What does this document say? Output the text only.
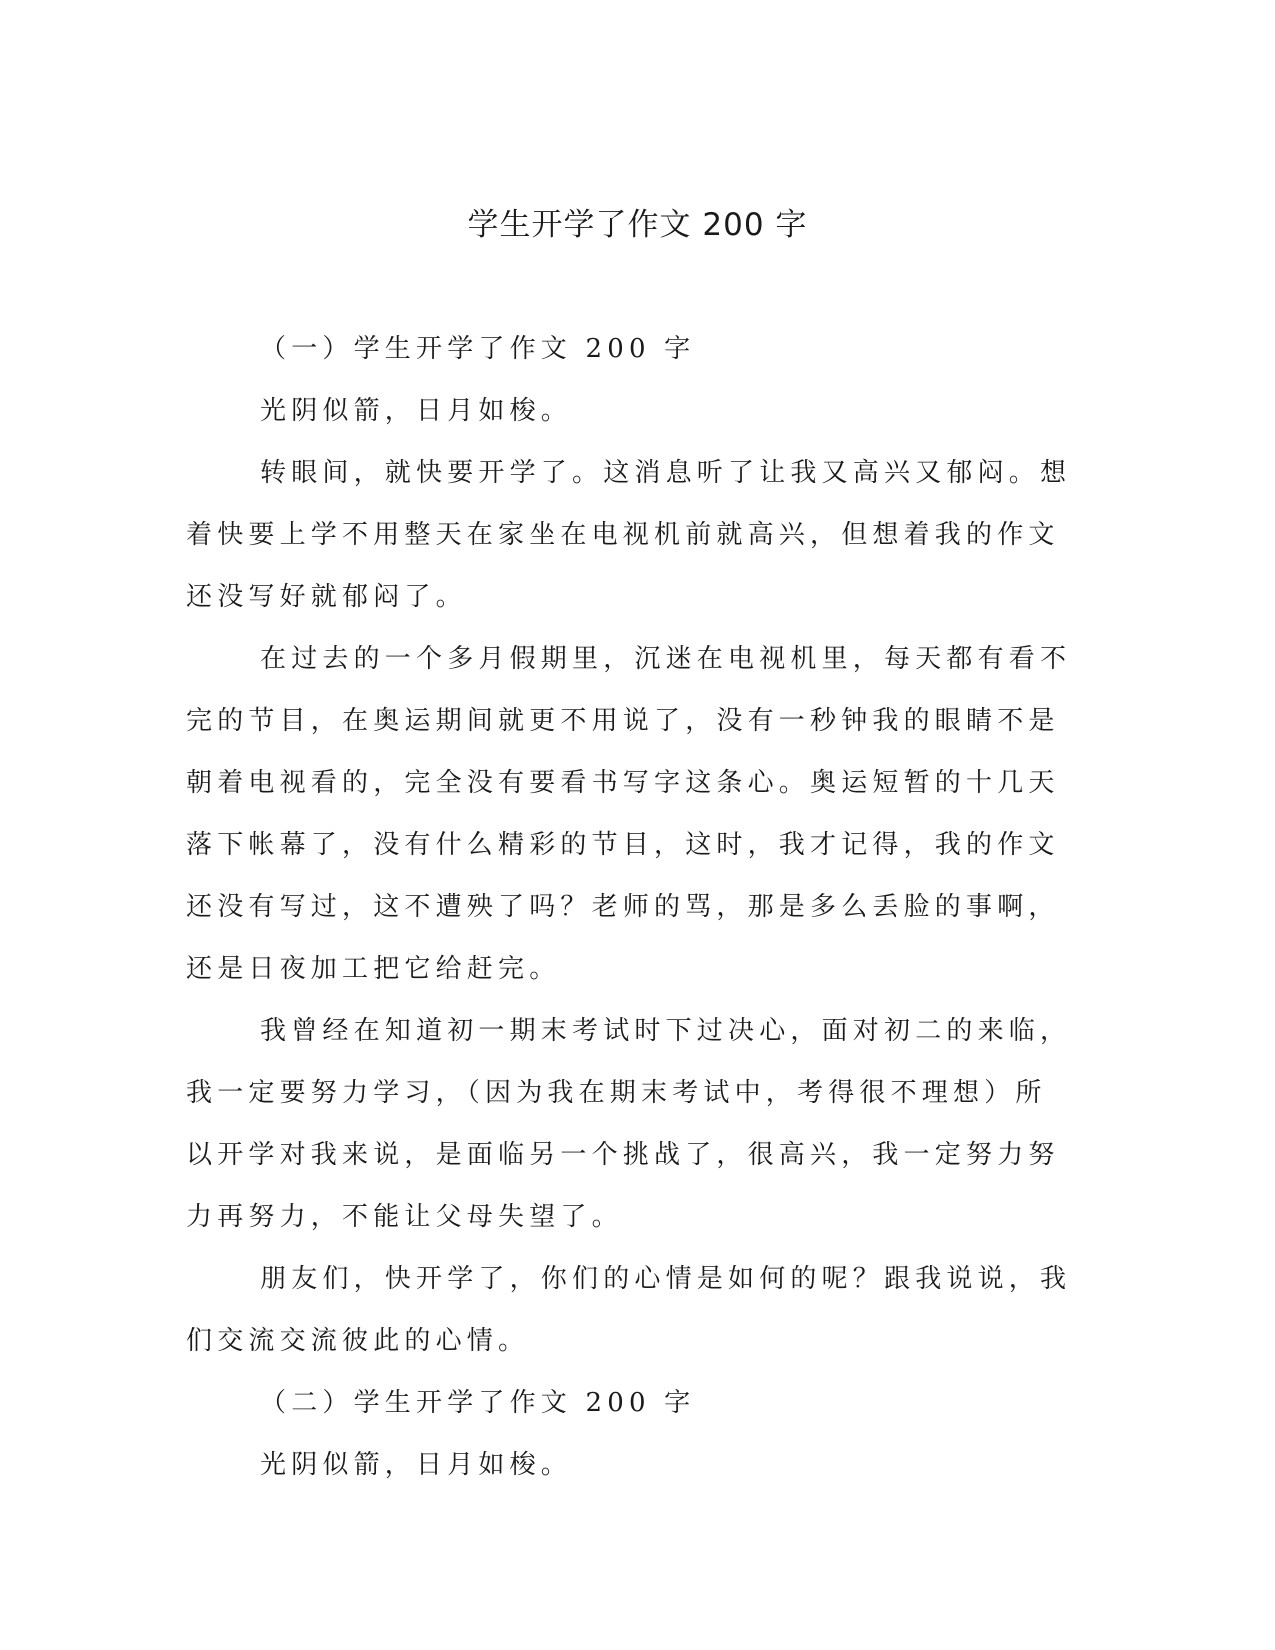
学生开学了作文 200 字

（一）学生开学了作文 200 字

光阴似箭，日月如梭。

转眼间，就快要开学了。这消息听了让我又高兴又郁闷。想着快要上学不用整天在家坐在电视机前就高兴，但想着我的作文还没写好就郁闷了。

在过去的一个多月假期里，沉迷在电视机里，每天都有看不完的节目，在奥运期间就更不用说了，没有一秒钟我的眼睛不是朝着电视看的，完全没有要看书写字这条心。奥运短暂的十几天落下帐幕了，没有什么精彩的节目，这时，我才记得，我的作文还没有写过，这不遭殃了吗？老师的骂，那是多么丢脸的事啊，还是日夜加工把它给赶完。

我曾经在知道初一期末考试时下过决心，面对初二的来临，我一定要努力学习，（因为我在期末考试中，考得很不理想）所以开学对我来说，是面临另一个挑战了，很高兴，我一定努力努力再努力，不能让父母失望了。

朋友们，快开学了，你们的心情是如何的呢？跟我说说，我们交流交流彼此的心情。

（二）学生开学了作文 200 字

光阴似箭，日月如梭。
